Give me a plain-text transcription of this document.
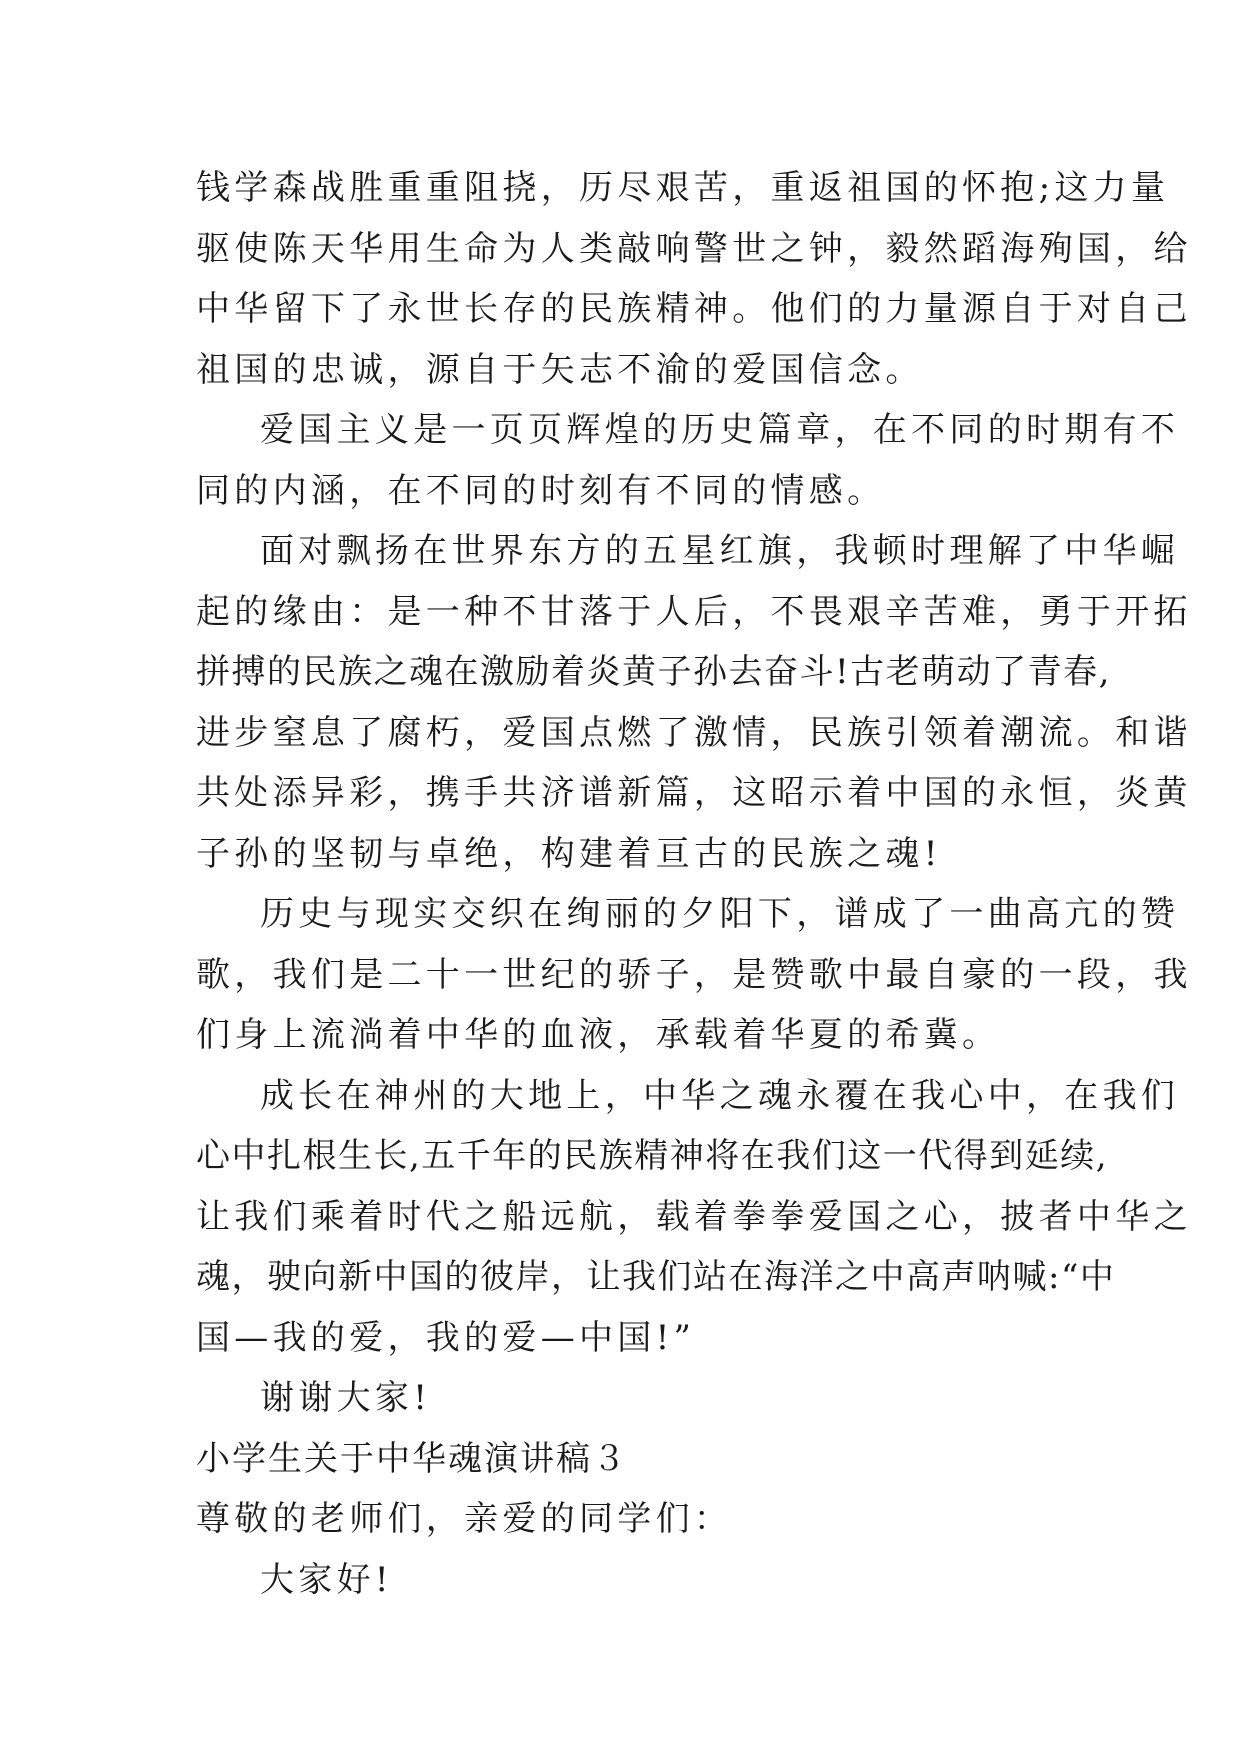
钱学森战胜重重阻挠，历尽艰苦，重返祖国的怀抱;这力量
驱使陈天华用生命为人类敲响警世之钟，毅然蹈海殉国，给
中华留下了永世长存的民族精神。他们的力量源自于对自己
祖国的忠诚，源自于矢志不渝的爱国信念。
爱国主义是一页页辉煌的历史篇章，在不同的时期有不
同的内涵，在不同的时刻有不同的情感。
面对飘扬在世界东方的五星红旗，我顿时理解了中华崛
起的缘由：是一种不甘落于人后，不畏艰辛苦难，勇于开拓
拼搏的民族之魂在激励着炎黄子孙去奋斗!古老萌动了青春,
进步窒息了腐朽，爱国点燃了激情，民族引领着潮流。和谐
共处添异彩，携手共济谱新篇，这昭示着中国的永恒，炎黄
子孙的坚韧与卓绝，构建着亘古的民族之魂!
历史与现实交织在绚丽的夕阳下，谱成了一曲高亢的赞
歌，我们是二十一世纪的骄子，是赞歌中最自豪的一段，我
们身上流淌着中华的血液，承载着华夏的希冀。
成长在神州的大地上，中华之魂永覆在我心中，在我们
心中扎根生长,五千年的民族精神将在我们这一代得到延续,
让我们乘着时代之船远航，载着拳拳爱国之心，披者中华之
魂，驶向新中国的彼岸，让我们站在海洋之中高声呐喊:“中
国—我的爱，我的爱—中国!”
谢谢大家!
小学生关于中华魂演讲稿３
尊敬的老师们，亲爱的同学们：
大家好!
